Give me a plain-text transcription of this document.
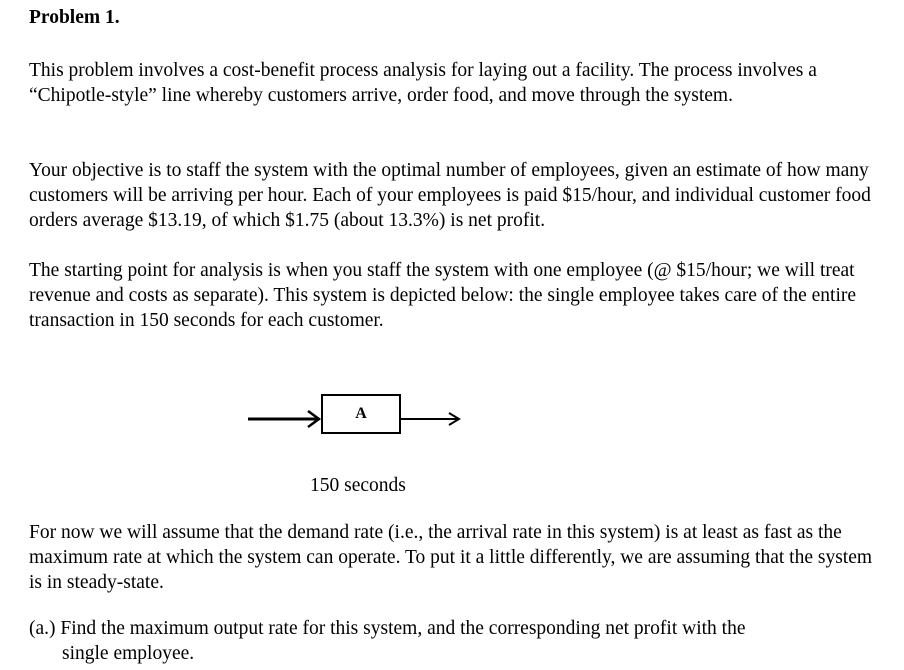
Problem 1.

This problem involves a cost-benefit process analysis for laying out a facility. The process involves a “Chipotle-style” line whereby customers arrive, order food, and move through the system.

Your objective is to staff the system with the optimal number of employees, given an estimate of how many customers will be arriving per hour. Each of your employees is paid $15/hour, and individual customer food orders average $13.19, of which $1.75 (about 13.3%) is net profit.

The starting point for analysis is when you staff the system with one employee (@ $15/hour; we will treat revenue and costs as separate). This system is depicted below: the single employee takes care of the entire transaction in 150 seconds for each customer.

A
150 seconds

For now we will assume that the demand rate (i.e., the arrival rate in this system) is at least as fast as the maximum rate at which the system can operate. To put it a little differently, we are assuming that the system is in steady-state.

(a.) Find the maximum output rate for this system, and the corresponding net profit with the
single employee.
